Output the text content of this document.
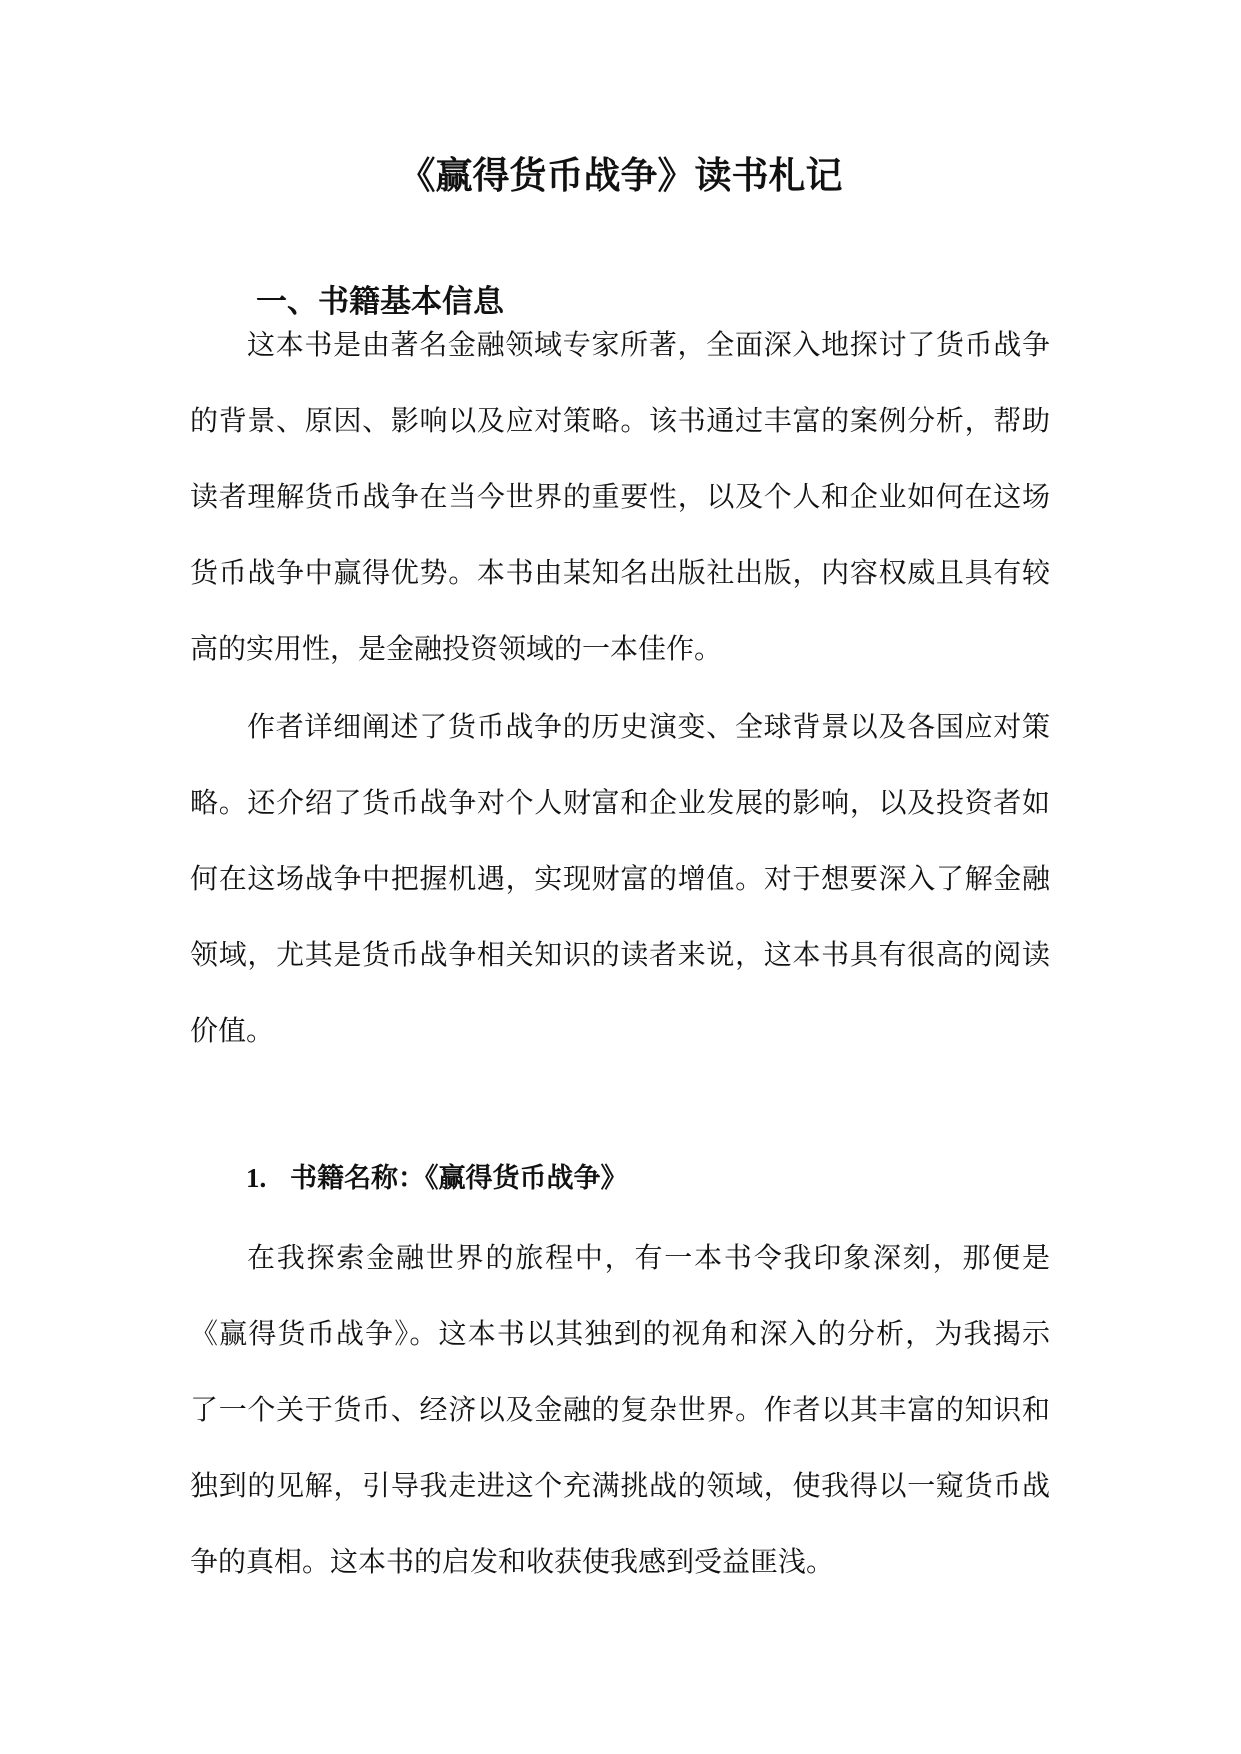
《赢得货币战争》读书札记
一、书籍基本信息
这本书是由著名金融领域专家所著，全面深入地探讨了货币战争
的背景、原因、影响以及应对策略。该书通过丰富的案例分析，帮助
读者理解货币战争在当今世界的重要性，以及个人和企业如何在这场
货币战争中赢得优势。本书由某知名出版社出版，内容权威且具有较
高的实用性，是金融投资领域的一本佳作。
作者详细阐述了货币战争的历史演变、全球背景以及各国应对策
略。还介绍了货币战争对个人财富和企业发展的影响，以及投资者如
何在这场战争中把握机遇，实现财富的增值。对于想要深入了解金融
领域，尤其是货币战争相关知识的读者来说，这本书具有很高的阅读
价值。
1. 书籍名称：《赢得货币战争》
在我探索金融世界的旅程中，有一本书令我印象深刻，那便是
《赢得货币战争》。这本书以其独到的视角和深入的分析，为我揭示
了一个关于货币、经济以及金融的复杂世界。作者以其丰富的知识和
独到的见解，引导我走进这个充满挑战的领域，使我得以一窥货币战
争的真相。这本书的启发和收获使我感到受益匪浅。
